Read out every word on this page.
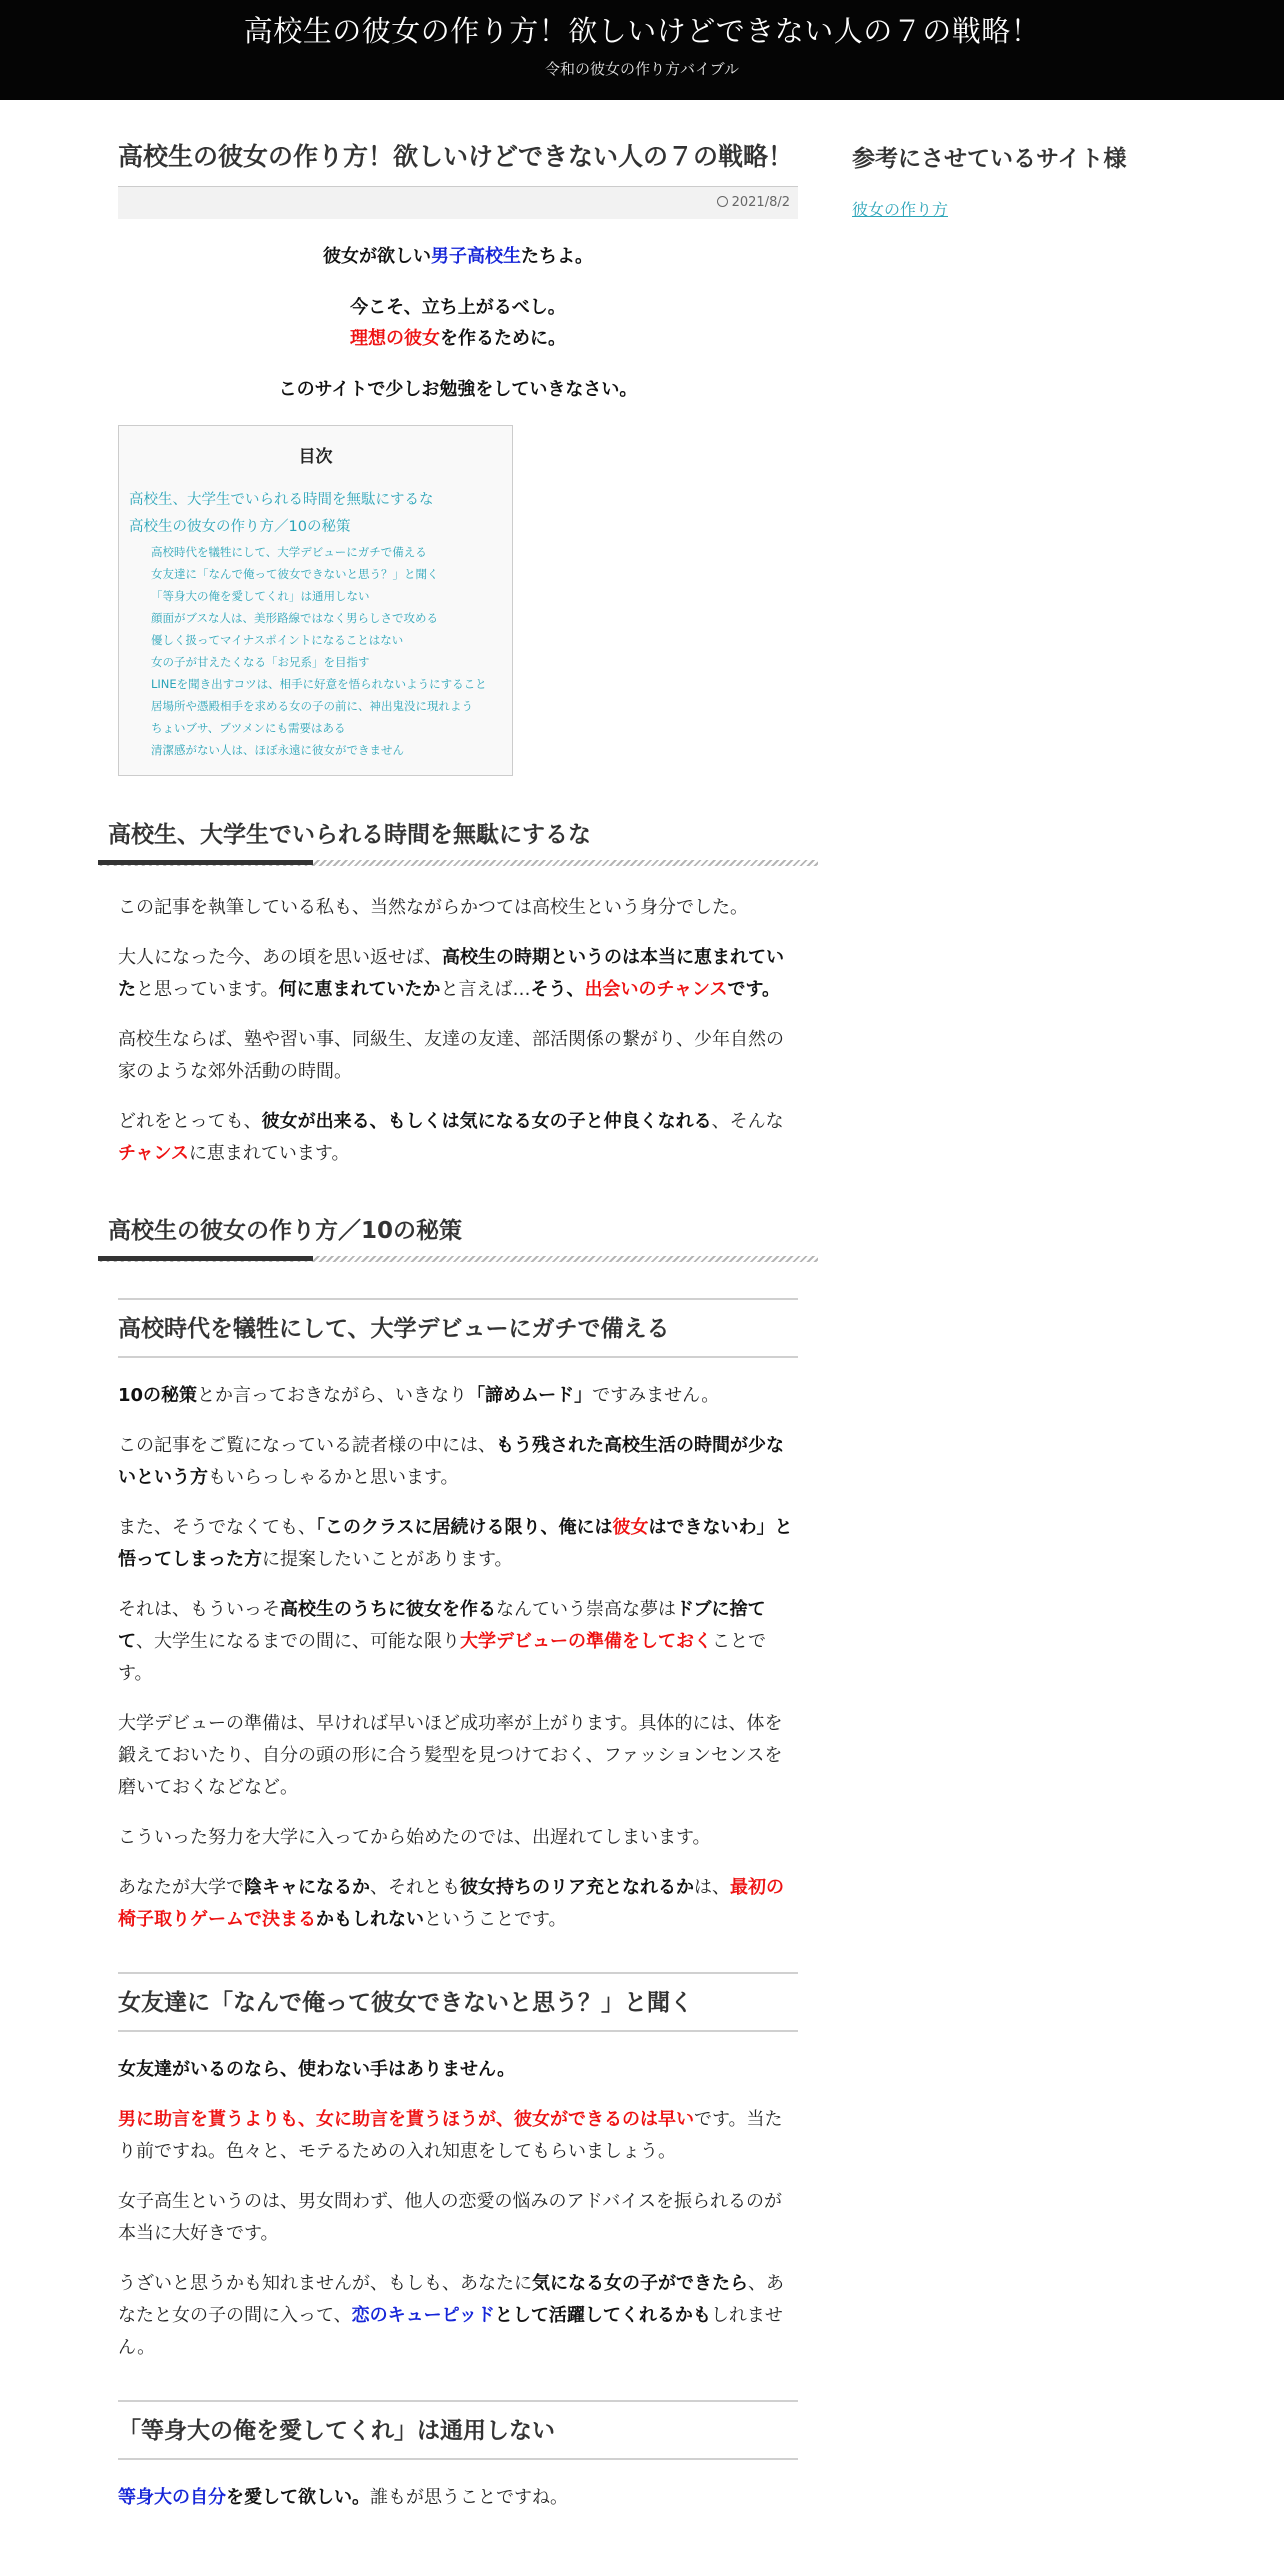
高校生の彼女の作り方！欲しいけどできない人の７の戦略！
令和の彼女の作り方バイブル
高校生の彼女の作り方！欲しいけどできない人の７の戦略！
2021/8/2

彼女が欲しい男子高校生たちよ。

今こそ、立ち上がるべし。

理想の彼女を作るために。

このサイトで少しお勉強をしていきなさい。

目次
高校生、大学生でいられる時間を無駄にするな
高校生の彼女の作り方／10の秘策
高校時代を犠牲にして、大学デビューにガチで備える
女友達に「なんで俺って彼女できないと思う？」と聞く
「等身大の俺を愛してくれ」は通用しない
顔面がブスな人は、美形路線ではなく男らしさで攻める
優しく扱ってマイナスポイントになることはない
女の子が甘えたくなる「お兄系」を目指す
LINEを聞き出すコツは、相手に好意を悟られないようにすること
居場所や憑殿相手を求める女の子の前に、神出鬼没に現れよう
ちょいブサ、ブツメンにも需要はある
清潔感がない人は、ほぼ永遠に彼女ができません
高校生、大学生でいられる時間を無駄にするな

この記事を執筆している私も、当然ながらかつては高校生という身分でした。

大人になった今、あの頃を思い返せば、高校生の時期というのは本当に恵まれていたと思っています。何に恵まれていたかと言えば…そう、出会いのチャンスです。

高校生ならば、塾や習い事、同級生、友達の友達、部活関係の繋がり、少年自然の家のような郊外活動の時間。

どれをとっても、彼女が出来る、もしくは気になる女の子と仲良くなれる、そんなチャンスに恵まれています。

高校生の彼女の作り方／10の秘策
高校時代を犠牲にして、大学デビューにガチで備える

10の秘策とか言っておきながら、いきなり「諦めムード」ですみません。

この記事をご覧になっている読者様の中には、もう残された高校生活の時間が少ないという方もいらっしゃるかと思います。

また、そうでなくても、「このクラスに居続ける限り、俺には彼女はできないわ」と悟ってしまった方に提案したいことがあります。

それは、もういっそ高校生のうちに彼女を作るなんていう崇高な夢はドブに捨てて、大学生になるまでの間に、可能な限り大学デビューの準備をしておくことです。

大学デビューの準備は、早ければ早いほど成功率が上がります。具体的には、体を鍛えておいたり、自分の頭の形に合う髪型を見つけておく、ファッションセンスを磨いておくなどなど。

こういった努力を大学に入ってから始めたのでは、出遅れてしまいます。

あなたが大学で陰キャになるか、それとも彼女持ちのリア充となれるかは、最初の椅子取りゲームで決まるかもしれないということです。

女友達に「なんで俺って彼女できないと思う？」と聞く

女友達がいるのなら、使わない手はありません。

男に助言を貰うよりも、女に助言を貰うほうが、彼女ができるのは早いです。当たり前ですね。色々と、モテるための入れ知恵をしてもらいましょう。

女子高生というのは、男女問わず、他人の恋愛の悩みのアドバイスを振られるのが本当に大好きです。

うざいと思うかも知れませんが、もしも、あなたに気になる女の子ができたら、あなたと女の子の間に入って、恋のキューピッドとして活躍してくれるかもしれません。

「等身大の俺を愛してくれ」は通用しない

等身大の自分を愛して欲しい。誰もが思うことですね。

参考にさせているサイト様
彼女の作り方
